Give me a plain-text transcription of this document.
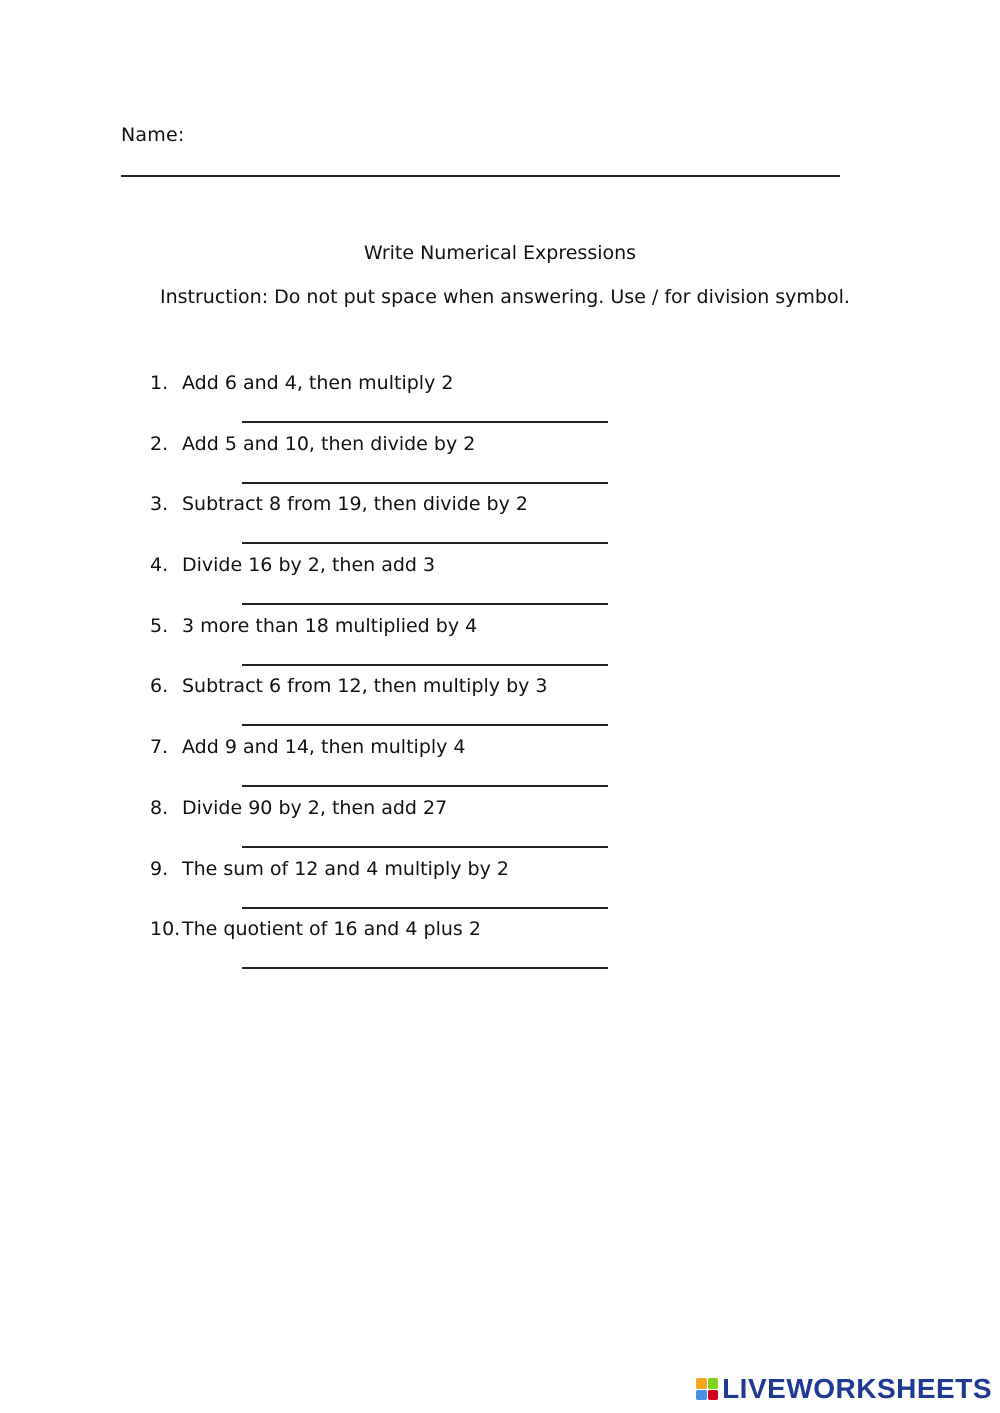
Name:
Write Numerical Expressions
Instruction: Do not put space when answering. Use / for division symbol.
1. Add 6 and 4, then multiply 2
2. Add 5 and 10, then divide by 2
3. Subtract 8 from 19, then divide by 2
4. Divide 16 by 2, then add 3
5. 3 more than 18 multiplied by 4
6. Subtract 6 from 12, then multiply by 3
7. Add 9 and 14, then multiply 4
8. Divide 90 by 2, then add 27
9. The sum of 12 and 4 multiply by 2
10. The quotient of 16 and 4 plus 2
LIVEWORKSHEETS
